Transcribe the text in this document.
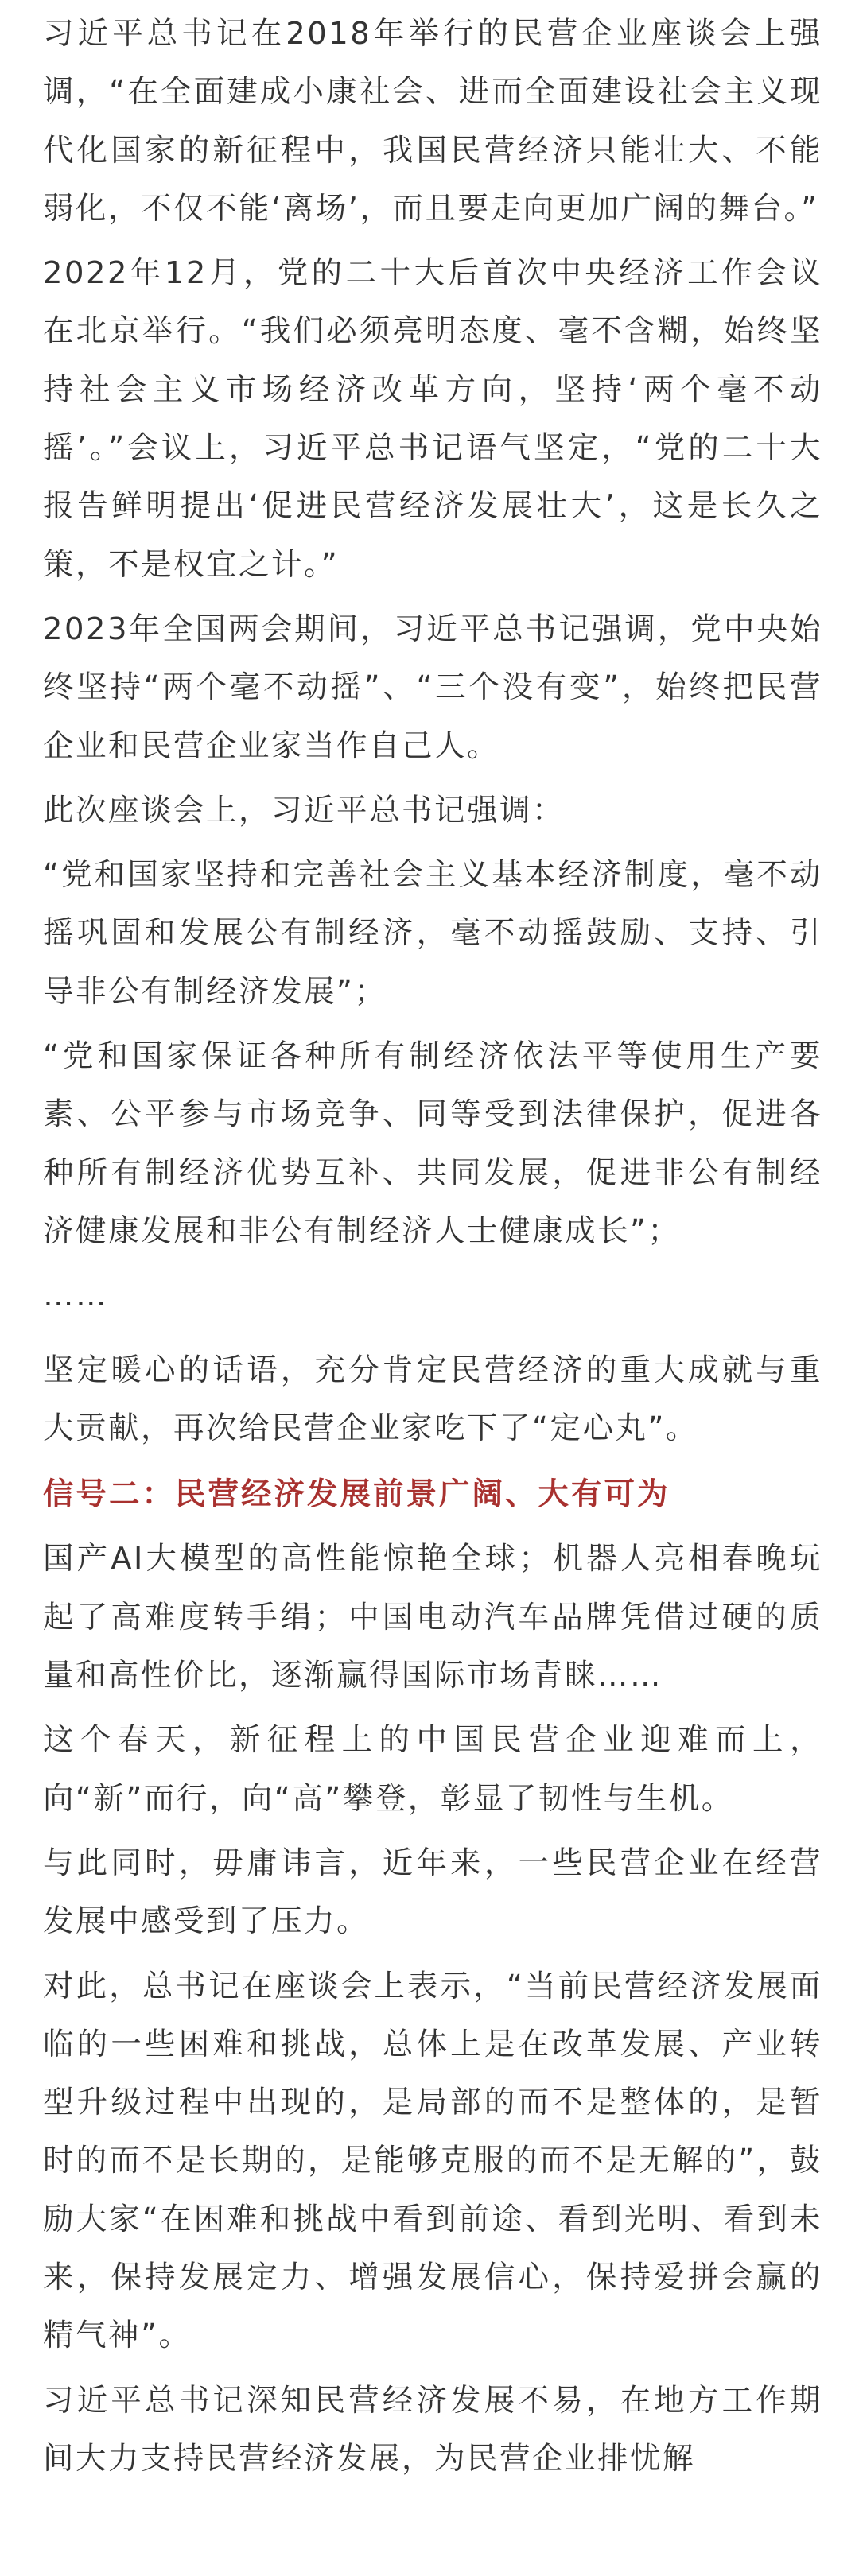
习近平总书记在2018年举行的民营企业座谈会上强调，“在全面建成小康社会、进而全面建设社会主义现代化国家的新征程中，我国民营经济只能壮大、不能弱化，不仅不能‘离场’，而且要走向更加广阔的舞台。”

2022年12月，党的二十大后首次中央经济工作会议在北京举行。“我们必须亮明态度、毫不含糊，始终坚持社会主义市场经济改革方向，坚持‘两个毫不动摇’。”会议上，习近平总书记语气坚定，“党的二十大报告鲜明提出‘促进民营经济发展壮大’，这是长久之策，不是权宜之计。”

2023年全国两会期间，习近平总书记强调，党中央始终坚持“两个毫不动摇”、“三个没有变”，始终把民营企业和民营企业家当作自己人。

此次座谈会上，习近平总书记强调：

“党和国家坚持和完善社会主义基本经济制度，毫不动摇巩固和发展公有制经济，毫不动摇鼓励、支持、引导非公有制经济发展”；

“党和国家保证各种所有制经济依法平等使用生产要素、公平参与市场竞争、同等受到法律保护，促进各种所有制经济优势互补、共同发展，促进非公有制经济健康发展和非公有制经济人士健康成长”；

……

坚定暖心的话语，充分肯定民营经济的重大成就与重大贡献，再次给民营企业家吃下了“定心丸”。

信号二：民营经济发展前景广阔、大有可为

国产AI大模型的高性能惊艳全球；机器人亮相春晚玩起了高难度转手绢；中国电动汽车品牌凭借过硬的质量和高性价比，逐渐赢得国际市场青睐……

这个春天，新征程上的中国民营企业迎难而上，向“新”而行，向“高”攀登，彰显了韧性与生机。

与此同时，毋庸讳言，近年来，一些民营企业在经营发展中感受到了压力。

对此，总书记在座谈会上表示，“当前民营经济发展面临的一些困难和挑战，总体上是在改革发展、产业转型升级过程中出现的，是局部的而不是整体的，是暂时的而不是长期的，是能够克服的而不是无解的”，鼓励大家“在困难和挑战中看到前途、看到光明、看到未来，保持发展定力、增强发展信心，保持爱拼会赢的精气神”。

习近平总书记深知民营经济发展不易，在地方工作期间大力支持民营经济发展，为民营企业排忧解
